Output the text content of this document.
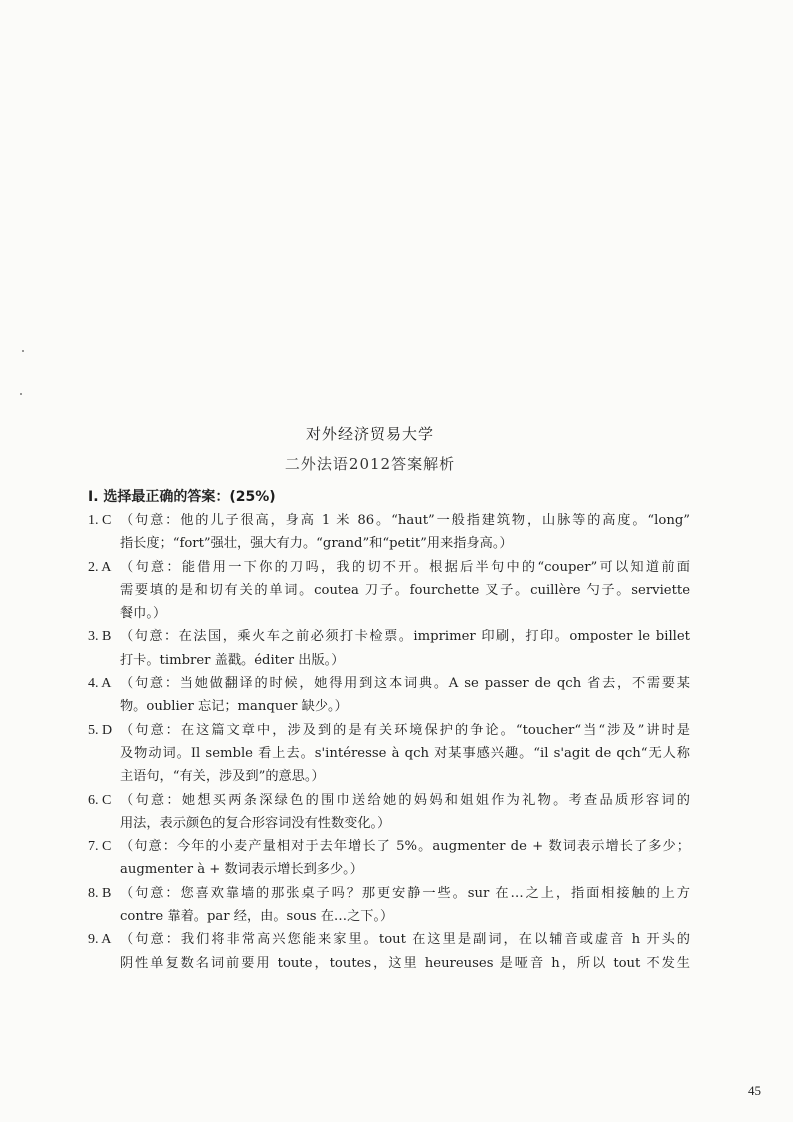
对外经济贸易大学
二外法语2012答案解析
I. 选择最正确的答案：(25%)
1. C （句意：他的儿子很高，身高 1 米 86。“haut”一般指建筑物，山脉等的高度。“long”
指长度；“fort”强壮，强大有力。“grand”和“petit”用来指身高。）
2. A （句意：能借用一下你的刀吗，我的切不开。根据后半句中的“couper”可以知道前面
需要填的是和切有关的单词。coutea 刀子。fourchette 叉子。cuillère 勺子。serviette
餐巾。）
3. B （句意：在法国，乘火车之前必须打卡检票。imprimer 印刷，打印。omposter le billet
打卡。timbrer 盖戳。éditer 出版。）
4. A （句意：当她做翻译的时候，她得用到这本词典。A se passer de qch 省去，不需要某
物。oublier 忘记；manquer 缺少。）
5. D （句意：在这篇文章中，涉及到的是有关环境保护的争论。“toucher“当“涉及”讲时是
及物动词。Il semble 看上去。s'intéresse à qch 对某事感兴趣。“il s'agit de qch“无人称
主语句，“有关，涉及到”的意思。）
6. C （句意：她想买两条深绿色的围巾送给她的妈妈和姐姐作为礼物。考查品质形容词的
用法，表示颜色的复合形容词没有性数变化。）
7. C （句意：今年的小麦产量相对于去年增长了 5%。augmenter de + 数词表示增长了多少；
augmenter à + 数词表示增长到多少。）
8. B （句意：您喜欢靠墙的那张桌子吗？那更安静一些。sur 在…之上，指面相接触的上方
contre 靠着。par 经，由。sous 在…之下。）
9. A （句意：我们将非常高兴您能来家里。tout 在这里是副词，在以辅音或虚音 h 开头的
阴性单复数名词前要用 toute，toutes，这里 heureuses 是哑音 h，所以 tout 不发生
45
